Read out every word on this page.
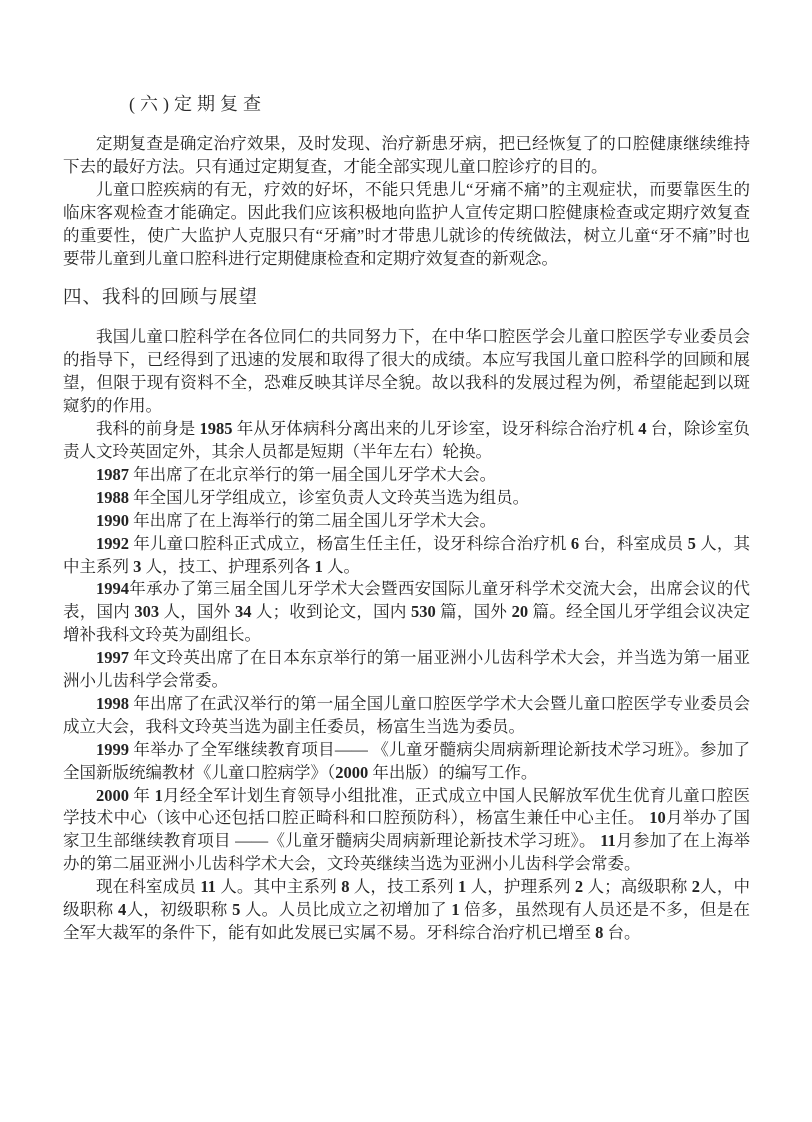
(六)定期复查
定期复查是确定治疗效果，及时发现、治疗新患牙病，把已经恢复了的口腔健康继续维持下去的最好方法。只有通过定期复查，才能全部实现儿童口腔诊疗的目的。
儿童口腔疾病的有无，疗效的好坏，不能只凭患儿“牙痛不痛”的主观症状，而要靠医生的临床客观检查才能确定。因此我们应该积极地向监护人宣传定期口腔健康检查或定期疗效复查的重要性，使广大监护人克服只有“牙痛”时才带患儿就诊的传统做法，树立儿童“牙不痛”时也要带儿童到儿童口腔科进行定期健康检查和定期疗效复查的新观念。
四、我科的回顾与展望
我国儿童口腔科学在各位同仁的共同努力下，在中华口腔医学会儿童口腔医学专业委员会的指导下，已经得到了迅速的发展和取得了很大的成绩。本应写我国儿童口腔科学的回顾和展望，但限于现有资料不全，恐难反映其详尽全貌。故以我科的发展过程为例，希望能起到以斑窥豹的作用。
我科的前身是 1985 年从牙体病科分离出来的儿牙诊室，设牙科综合治疗机 4 台，除诊室负责人文玲英固定外，其余人员都是短期（半年左右）轮换。
1987 年出席了在北京举行的第一届全国儿牙学术大会。
1988 年全国儿牙学组成立，诊室负责人文玲英当选为组员。
1990 年出席了在上海举行的第二届全国儿牙学术大会。
1992 年儿童口腔科正式成立，杨富生任主任，设牙科综合治疗机 6 台，科室成员 5 人，其中主系列 3 人，技工、护理系列各 1 人。
1994年承办了第三届全国儿牙学术大会暨西安国际儿童牙科学术交流大会，出席会议的代表，国内 303 人，国外 34 人；收到论文，国内 530 篇，国外 20 篇。经全国儿牙学组会议决定增补我科文玲英为副组长。
1997 年文玲英出席了在日本东京举行的第一届亚洲小儿齿科学术大会，并当选为第一届亚洲小儿齿科学会常委。
1998 年出席了在武汉举行的第一届全国儿童口腔医学学术大会暨儿童口腔医学专业委员会成立大会，我科文玲英当选为副主任委员，杨富生当选为委员。
1999 年举办了全军继续教育项目—— 《儿童牙髓病尖周病新理论新技术学习班》。参加了全国新版统编教材《儿童口腔病学》（2000 年出版）的编写工作。
2000 年 1月经全军计划生育领导小组批准，正式成立中国人民解放军优生优育儿童口腔医学技术中心（该中心还包括口腔正畸科和口腔预防科），杨富生兼任中心主任。 10月举办了国家卫生部继续教育项目 ——《儿童牙髓病尖周病新理论新技术学习班》。 11月参加了在上海举办的第二届亚洲小儿齿科学术大会，文玲英继续当选为亚洲小儿齿科学会常委。
现在科室成员 11 人。其中主系列 8 人，技工系列 1 人，护理系列 2 人；高级职称 2人，中级职称 4人，初级职称 5 人。人员比成立之初增加了 1 倍多，虽然现有人员还是不多，但是在全军大裁军的条件下，能有如此发展已实属不易。牙科综合治疗机已增至 8 台。
